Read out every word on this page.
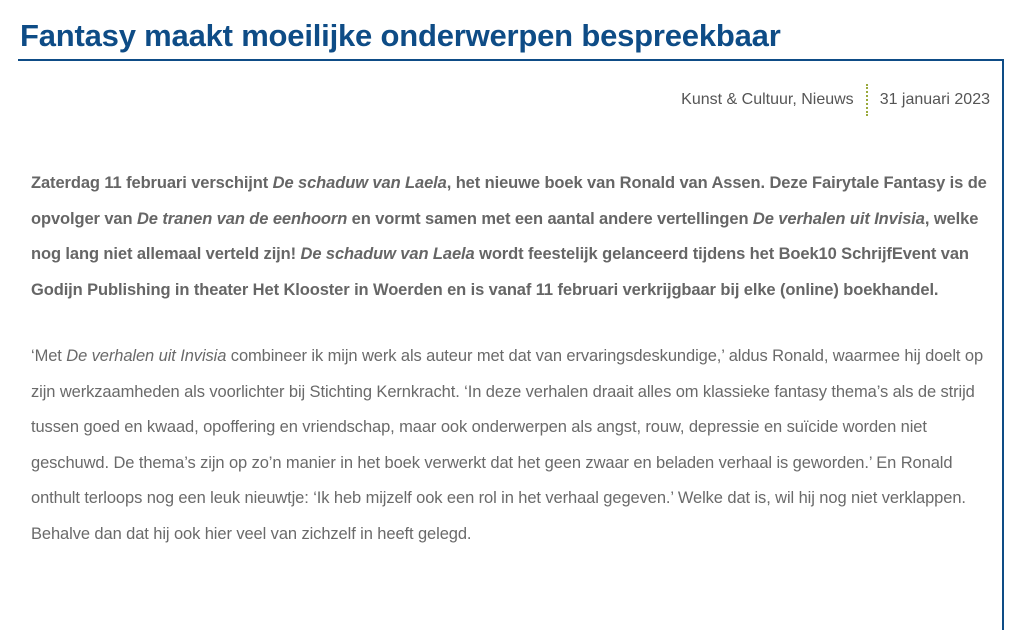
Fantasy maakt moeilijke onderwerpen bespreekbaar
Kunst & Cultuur, Nieuws	31 januari 2023

Zaterdag 11 februari verschijnt De schaduw van Laela, het nieuwe boek van Ronald van Assen. Deze Fairytale Fantasy is de opvolger van De tranen van de eenhoorn en vormt samen met een aantal andere vertellingen De verhalen uit Invisia, welke nog lang niet allemaal verteld zijn! De schaduw van Laela wordt feestelijk gelanceerd tijdens het Boek10 SchrijfEvent van Godijn Publishing in theater Het Klooster in Woerden en is vanaf 11 februari verkrijgbaar bij elke (online) boekhandel.

‘Met De verhalen uit Invisia combineer ik mijn werk als auteur met dat van ervaringsdeskundige,’ aldus Ronald, waarmee hij doelt op zijn werkzaamheden als voorlichter bij Stichting Kernkracht. ‘In deze verhalen draait alles om klassieke fantasy thema’s als de strijd tussen goed en kwaad, opoffering en vriendschap, maar ook onderwerpen als angst, rouw, depressie en suïcide worden niet geschuwd. De thema’s zijn op zo’n manier in het boek verwerkt dat het geen zwaar en beladen verhaal is geworden.’ En Ronald onthult terloops nog een leuk nieuwtje: ‘Ik heb mijzelf ook een rol in het verhaal gegeven.’ Welke dat is, wil hij nog niet verklappen. Behalve dan dat hij ook hier veel van zichzelf in heeft gelegd.
